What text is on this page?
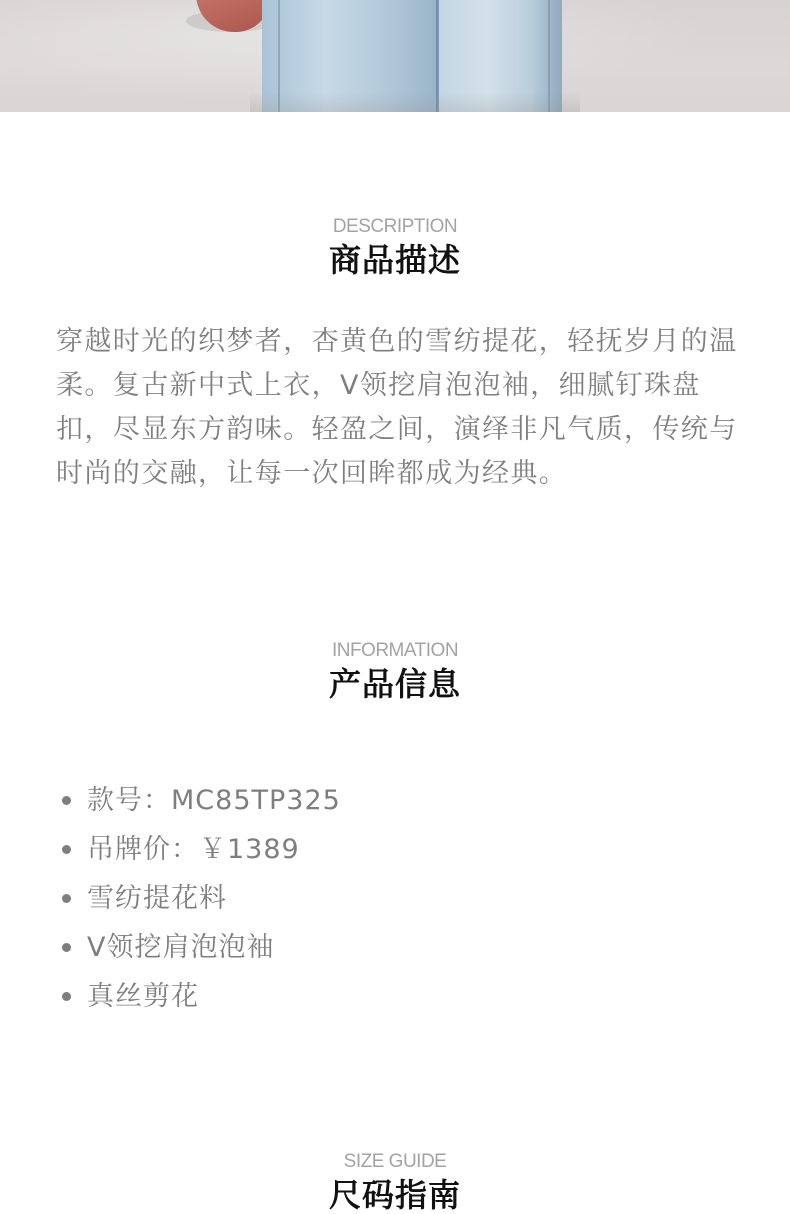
DESCRIPTION
商品描述

穿越时光的织梦者，杏黄色的雪纺提花，轻抚岁月的温柔。复古新中式上衣，V领挖肩泡泡袖，细腻钉珠盘扣，尽显东方韵味。轻盈之间，演绎非凡气质，传统与时尚的交融，让每一次回眸都成为经典。

INFORMATION
产品信息
款号：MC85TP325
吊牌价：￥1389
雪纺提花料
V领挖肩泡泡袖
真丝剪花
SIZE GUIDE
尺码指南
